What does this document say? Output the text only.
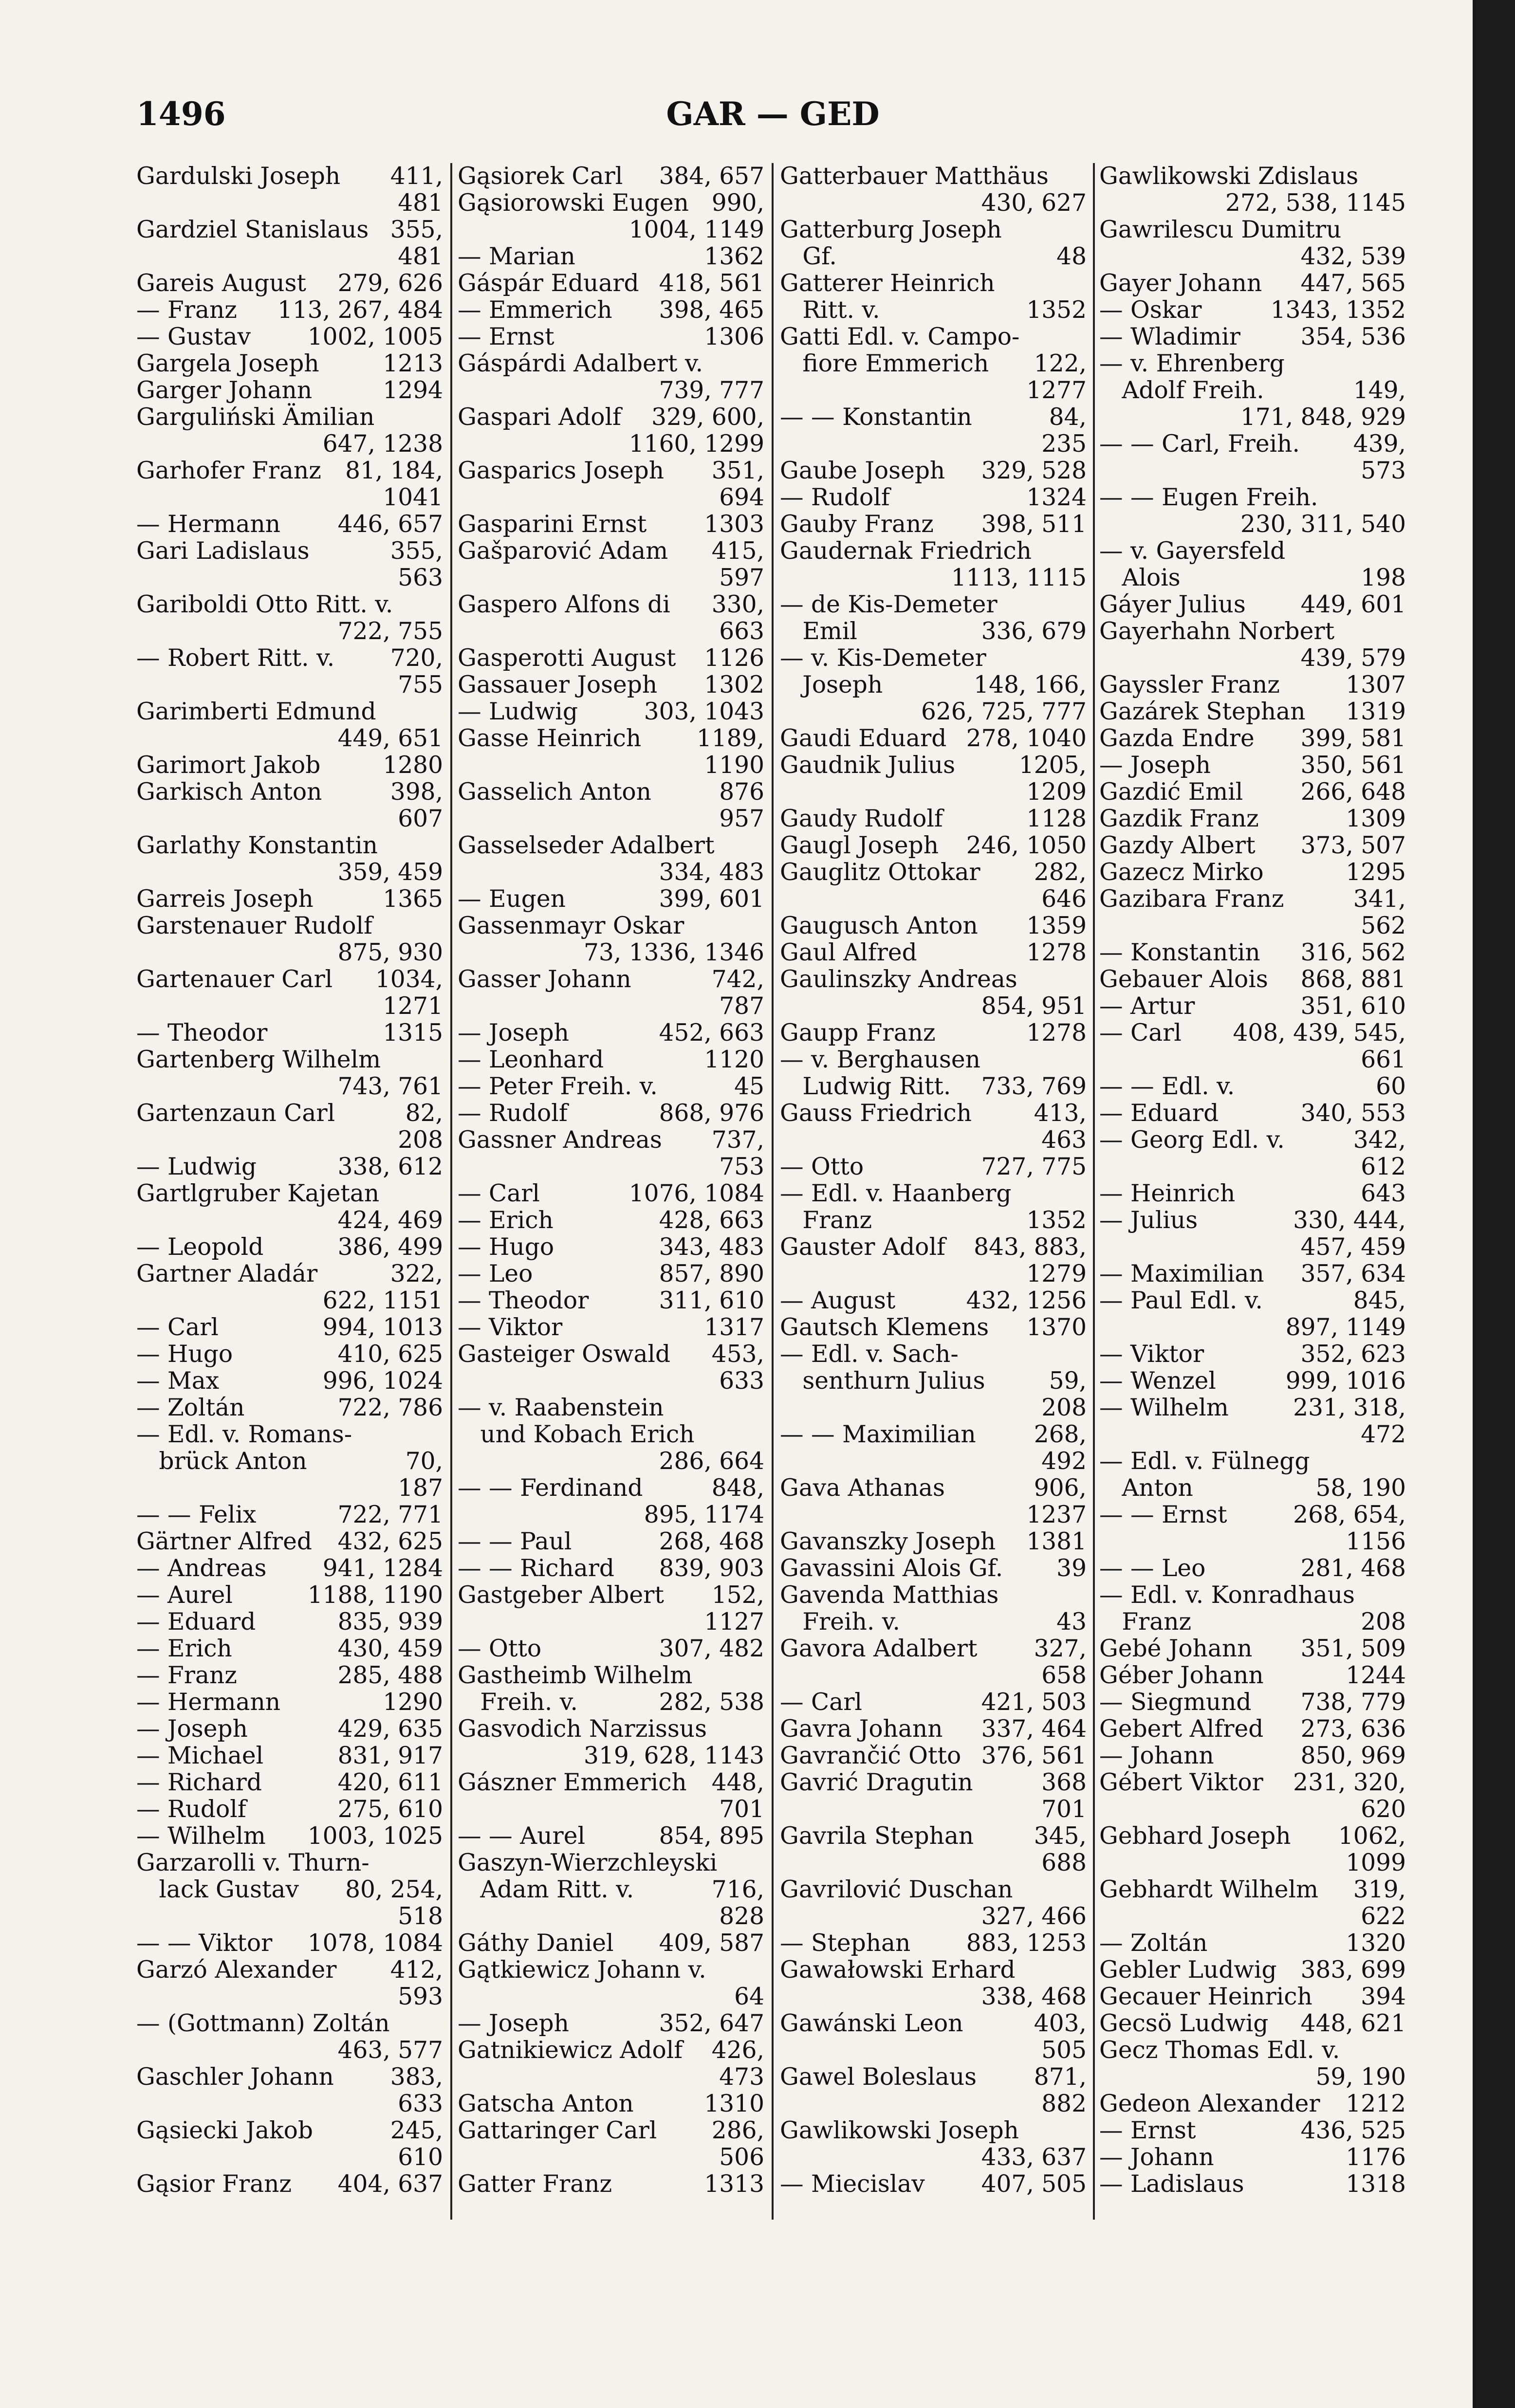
GAR — GED
1496
Gardulski Joseph 411,
481
Gardziel Stanislaus 355,
481
Gareis August 279, 626
— Franz 113, 267, 484
— Gustav 1002, 1005
Gargela Joseph	1213
Garger Johann	1294
Garguliński Ämilian
647, 1238
Garhofer Franz 81, 184,
1041
— Hermann 446, 657
Gari Ladislaus	355,
563
Gariboldi Otto Ritt. v.
722, 755
— Robert Ritt. v. 720,
755
Garimberti Edmund
449, 651
Garimort Jakob	1280
Garkisch Anton	398,
607
Garlathy Konstantin
359, 459
Garreis Joseph	1365
Garstenauer Rudolf
875, 930
Gartenauer Carl 1034,
1271
— Theodor	1315
Gartenberg Wilhelm
743, 761
Gartenzaun Carl	82,
208
— Ludwig	338, 612
Gartlgruber Kajetan
424, 469
— Leopold	386, 499
Gartner Aladár	322,
622, 1151
— Carl	994, 1013
— Hugo	410, 625
— Max	996, 1024
— Zoltán	722, 786
— Edl. v. Romans-
brück Anton	70,
187
— — Felix	722, 771
Gärtner Alfred 432, 625
— Andreas 941, 1284
— Aurel	1188, 1190
— Eduard	835, 939
— Erich	430, 459
— Franz	285, 488
— Hermann	1290
— Joseph	429, 635
— Michael	831, 917
— Richard	420, 611
— Rudolf	275, 610
— Wilhelm 1003, 1025
Garzarolli v. Thurn-
lack Gustav 80, 254,
518
— — Viktor 1078, 1084
Garzó Alexander 412,
593
— (Gottmann) Zoltán
463, 577
Gaschler Johann 383,
633
Gąsiecki Jakob	245,
610
Gąsior Franz 404, 637
Gąsiorek Carl 384, 657
Gąsiorowski Eugen 990,
1004, 1149
— Marian	1362
Gáspár Eduard 418, 561
— Emmerich 398, 465
— Ernst	1306
Gáspárdi Adalbert v.
739, 777
Gaspari Adolf 329, 600,
1160, 1299
Gasparics Joseph 351,
694
Gasparini Ernst 1303
Gašparović Adam 415,
597
Gaspero Alfons di 330,
663
Gasperotti August 1126
Gassauer Joseph 1302
— Ludwig	303, 1043
Gasse Heinrich 1189,
1190
Gasselich Anton	876
957
Gasselseder Adalbert
334, 483
— Eugen	399, 601
Gassenmayr Oskar
73, 1336, 1346
Gasser Johann	742,
787
— Joseph	452, 663
— Leonhard	1120
— Peter Freih. v.	45
— Rudolf	868, 976
Gassner Andreas 737,
753
— Carl	1076, 1084
— Erich	428, 663
— Hugo	343, 483
— Leo	857, 890
— Theodor	311, 610
— Viktor	1317
Gasteiger Oswald 453,
633
— v. Raabenstein
und Kobach Erich
286, 664
— — Ferdinand	848,
895, 1174
— — Paul	268, 468
— — Richard 839, 903
Gastgeber Albert 152,
1127
— Otto	307, 482
Gastheimb Wilhelm
Freih. v.	282, 538
Gasvodich Narzissus
319, 628, 1143
Gászner Emmerich 448,
701
— — Aurel	854, 895
Gaszyn-Wierzchleyski
Adam Ritt. v.	716,
828
Gáthy Daniel 409, 587
Gątkiewicz Johann v.
64
— Joseph	352, 647
Gatnikiewicz Adolf 426,
473
Gatscha Anton	1310
Gattaringer Carl 286,
506
Gatter Franz	1313
Gatterbauer Matthäus
430, 627
Gatterburg Joseph
Gf.	48
Gatterer Heinrich
Ritt. v.	1352
Gatti Edl. v. Campo-
fiore Emmerich 122,
1277
— — Konstantin	84,
235
Gaube Joseph 329, 528
— Rudolf	1324
Gauby Franz 398, 511
Gaudernak Friedrich
1113, 1115
— de Kis-Demeter
Emil	336, 679
— v. Kis-Demeter
Joseph	148, 166,
626, 725, 777
Gaudi Eduard 278, 1040
Gaudnik Julius	1205,
1209
Gaudy Rudolf	1128
Gaugl Joseph 246, 1050
Gauglitz Ottokar 282,
646
Gaugusch Anton 1359
Gaul Alfred	1278
Gaulinszky Andreas
854, 951
Gaupp Franz	1278
— v. Berghausen
Ludwig Ritt. 733, 769
Gauss Friedrich	413,
463
— Otto	727, 775
— Edl. v. Haanberg
Franz	1352
Gauster Adolf 843, 883,
1279
— August	432, 1256
Gautsch Klemens 1370
— Edl. v. Sach-
senthurn Julius	59,
208
— — Maximilian 268,
492
Gava Athanas	906,
1237
Gavanszky Joseph 1381
Gavassini Alois Gf. 39
Gavenda Matthias
Freih. v.	43
Gavora Adalbert 327,
658
— Carl	421, 503
Gavra Johann 337, 464
Gavrančić Otto 376, 561
Gavrić Dragutin	368
701
Gavrila Stephan	345,
688
Gavrilović Duschan
327, 466
— Stephan 883, 1253
Gawałowski Erhard
338, 468
Gawánski Leon	403,
505
Gawel Boleslaus 871,
882
Gawlikowski Joseph
433, 637
— Miecislav 407, 505
Gawlikowski Zdislaus
272, 538, 1145
Gawrilescu Dumitru
432, 539
Gayer Johann 447, 565
— Oskar	1343, 1352
— Wladimir	354, 536
— v. Ehrenberg
Adolf Freih.	149,
171, 848, 929
— — Carl, Freih. 439,
573
— — Eugen Freih.
230, 311, 540
— v. Gayersfeld
Alois	198
Gáyer Julius 449, 601
Gayerhahn Norbert
439, 579
Gayssler Franz	1307
Gazárek Stephan 1319
Gazda Endre 399, 581
— Joseph	350, 561
Gazdić Emil 266, 648
Gazdik Franz	1309
Gazdy Albert 373, 507
Gazecz Mirko	1295
Gazibara Franz	341,
562
— Konstantin 316, 562
Gebauer Alois 868, 881
— Artur	351, 610
— Carl 408, 439, 545,
661
— — Edl. v.	60
— Eduard	340, 553
— Georg Edl. v.	342,
612
— Heinrich	643
— Julius	330, 444,
457, 459
— Maximilian 357, 634
— Paul Edl. v.	845,
897, 1149
— Viktor	352, 623
— Wenzel	999, 1016
— Wilhelm	231, 318,
472
— Edl. v. Fülnegg
Anton	58, 190
— — Ernst	268, 654,
1156
— — Leo	281, 468
— Edl. v. Konradhaus
Franz	208
Gebé Johann 351, 509
Géber Johann	1244
— Siegmund 738, 779
Gebert Alfred 273, 636
— Johann	850, 969
Gébert Viktor 231, 320,
620
Gebhard Joseph 1062,
1099
Gebhardt Wilhelm 319,
622
— Zoltán	1320
Gebler Ludwig 383, 699
Gecauer Heinrich 394
Gecsö Ludwig 448, 621
Gecz Thomas Edl. v.
59, 190
Gedeon Alexander 1212
— Ernst	436, 525
— Johann	1176
— Ladislaus	1318
